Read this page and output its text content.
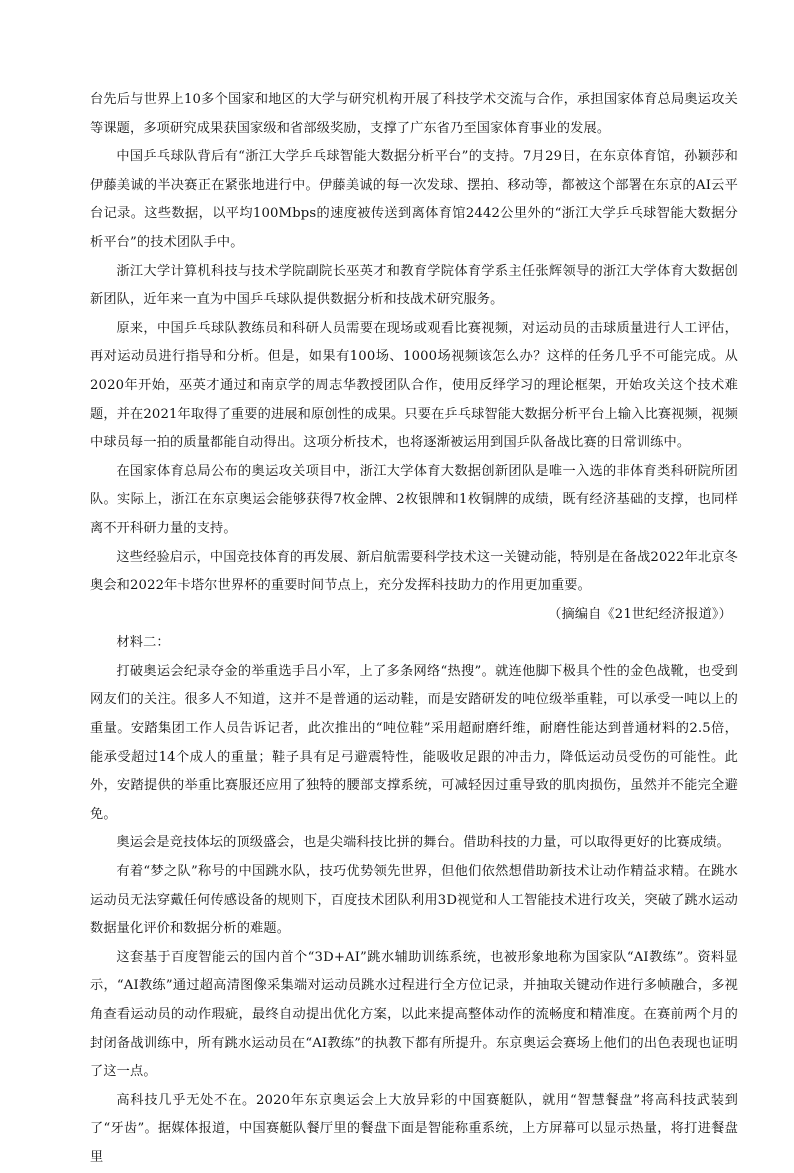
台先后与世界上10多个国家和地区的大学与研究机构开展了科技学术交流与合作，承担国家体育总局奥运攻关等课题，多项研究成果获国家级和省部级奖励，支撑了广东省乃至国家体育事业的发展。

中国乒乓球队背后有“浙江大学乒乓球智能大数据分析平台”的支持。7月29日，在东京体育馆，孙颖莎和伊藤美诚的半决赛正在紧张地进行中。伊藤美诚的每一次发球、摆拍、移动等，都被这个部署在东京的AI云平台记录。这些数据，以平均100Mbps的速度被传送到离体育馆2442公里外的“浙江大学乒乓球智能大数据分析平台”的技术团队手中。

浙江大学计算机科技与技术学院副院长巫英才和教育学院体育学系主任张辉领导的浙江大学体育大数据创新团队，近年来一直为中国乒乓球队提供数据分析和技战术研究服务。

原来，中国乒乓球队教练员和科研人员需要在现场或观看比赛视频，对运动员的击球质量进行人工评估，再对运动员进行指导和分析。但是，如果有100场、1000场视频该怎么办？这样的任务几乎不可能完成。从2020年开始，巫英才通过和南京学的周志华教授团队合作，使用反绎学习的理论框架，开始攻关这个技术难题，并在2021年取得了重要的进展和原创性的成果。只要在乒乓球智能大数据分析平台上输入比赛视频，视频中球员每一拍的质量都能自动得出。这项分析技术，也将逐渐被运用到国乒队备战比赛的日常训练中。

在国家体育总局公布的奥运攻关项目中，浙江大学体育大数据创新团队是唯一入选的非体育类科研院所团队。实际上，浙江在东京奥运会能够获得7枚金牌、2枚银牌和1枚铜牌的成绩，既有经济基础的支撑，也同样离不开科研力量的支持。

这些经验启示，中国竞技体育的再发展、新启航需要科学技术这一关键动能，特别是在备战2022年北京冬奥会和2022年卡塔尔世界杯的重要时间节点上，充分发挥科技助力的作用更加重要。

（摘编自《21世纪经济报道》）

材料二：

打破奥运会纪录夺金的举重选手吕小军，上了多条网络“热搜”。就连他脚下极具个性的金色战靴，也受到网友们的关注。很多人不知道，这并不是普通的运动鞋，而是安踏研发的吨位级举重鞋，可以承受一吨以上的重量。安踏集团工作人员告诉记者，此次推出的“吨位鞋”采用超耐磨纤维，耐磨性能达到普通材料的2.5倍，能承受超过14个成人的重量；鞋子具有足弓避震特性，能吸收足跟的冲击力，降低运动员受伤的可能性。此外，安踏提供的举重比赛服还应用了独特的腰部支撑系统，可减轻因过重导致的肌肉损伤，虽然并不能完全避免。

奥运会是竞技体坛的顶级盛会，也是尖端科技比拼的舞台。借助科技的力量，可以取得更好的比赛成绩。

有着“梦之队”称号的中国跳水队，技巧优势领先世界，但他们依然想借助新技术让动作精益求精。在跳水运动员无法穿戴任何传感设备的规则下，百度技术团队利用3D视觉和人工智能技术进行攻关，突破了跳水运动数据量化评价和数据分析的难题。

这套基于百度智能云的国内首个“3D+AI”跳水辅助训练系统，也被形象地称为国家队“AI教练”。资料显示，“AI教练”通过超高清图像采集端对运动员跳水过程进行全方位记录，并抽取关键动作进行多帧融合，多视角查看运动员的动作瑕疵，最终自动提出优化方案，以此来提高整体动作的流畅度和精准度。在赛前两个月的封闭备战训练中，所有跳水运动员在“AI教练”的执教下都有所提升。东京奥运会赛场上他们的出色表现也证明了这一点。

高科技几乎无处不在。2020年东京奥运会上大放异彩的中国赛艇队，就用“智慧餐盘”将高科技武装到了“牙齿”。据媒体报道，中国赛艇队餐厅里的餐盘下面是智能称重系统，上方屏幕可以显示热量，将打进餐盘里
